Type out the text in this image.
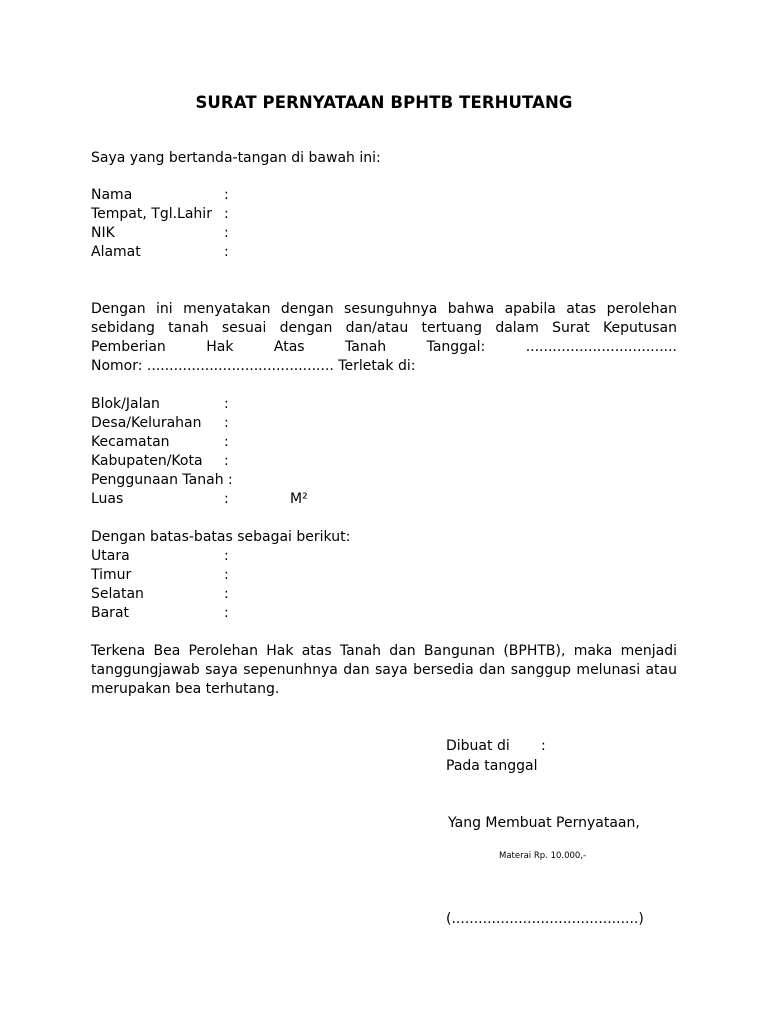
SURAT PERNYATAAN BPHTB TERHUTANG
Saya yang bertanda-tangan di bawah ini:
Nama	:
Tempat, Tgl.Lahir :
NIK	:
Alamat	:
Dengan ini menyatakan dengan sesunguhnya bahwa apabila atas perolehan
sebidang tanah sesuai dengan dan/atau tertuang dalam Surat Keputusan
Pemberian Hak Atas Tanah Tanggal: ..................................
Nomor: .......................................... Terletak di:
Blok/Jalan	:
Desa/Kelurahan :
Kecamatan	:
Kabupaten/Kota :
Penggunaan Tanah :
Luas	:	M²
Dengan batas-batas sebagai berikut:
Utara	:
Timur	:
Selatan	:
Barat	:
Terkena Bea Perolehan Hak atas Tanah dan Bangunan (BPHTB), maka menjadi
tanggungjawab saya sepenunhnya dan saya bersedia dan sanggup melunasi atau
merupakan bea terhutang.
Dibuat di :
Pada tanggal
Yang Membuat Pernyataan,
Materai Rp. 10.000,-
(..........................................)
